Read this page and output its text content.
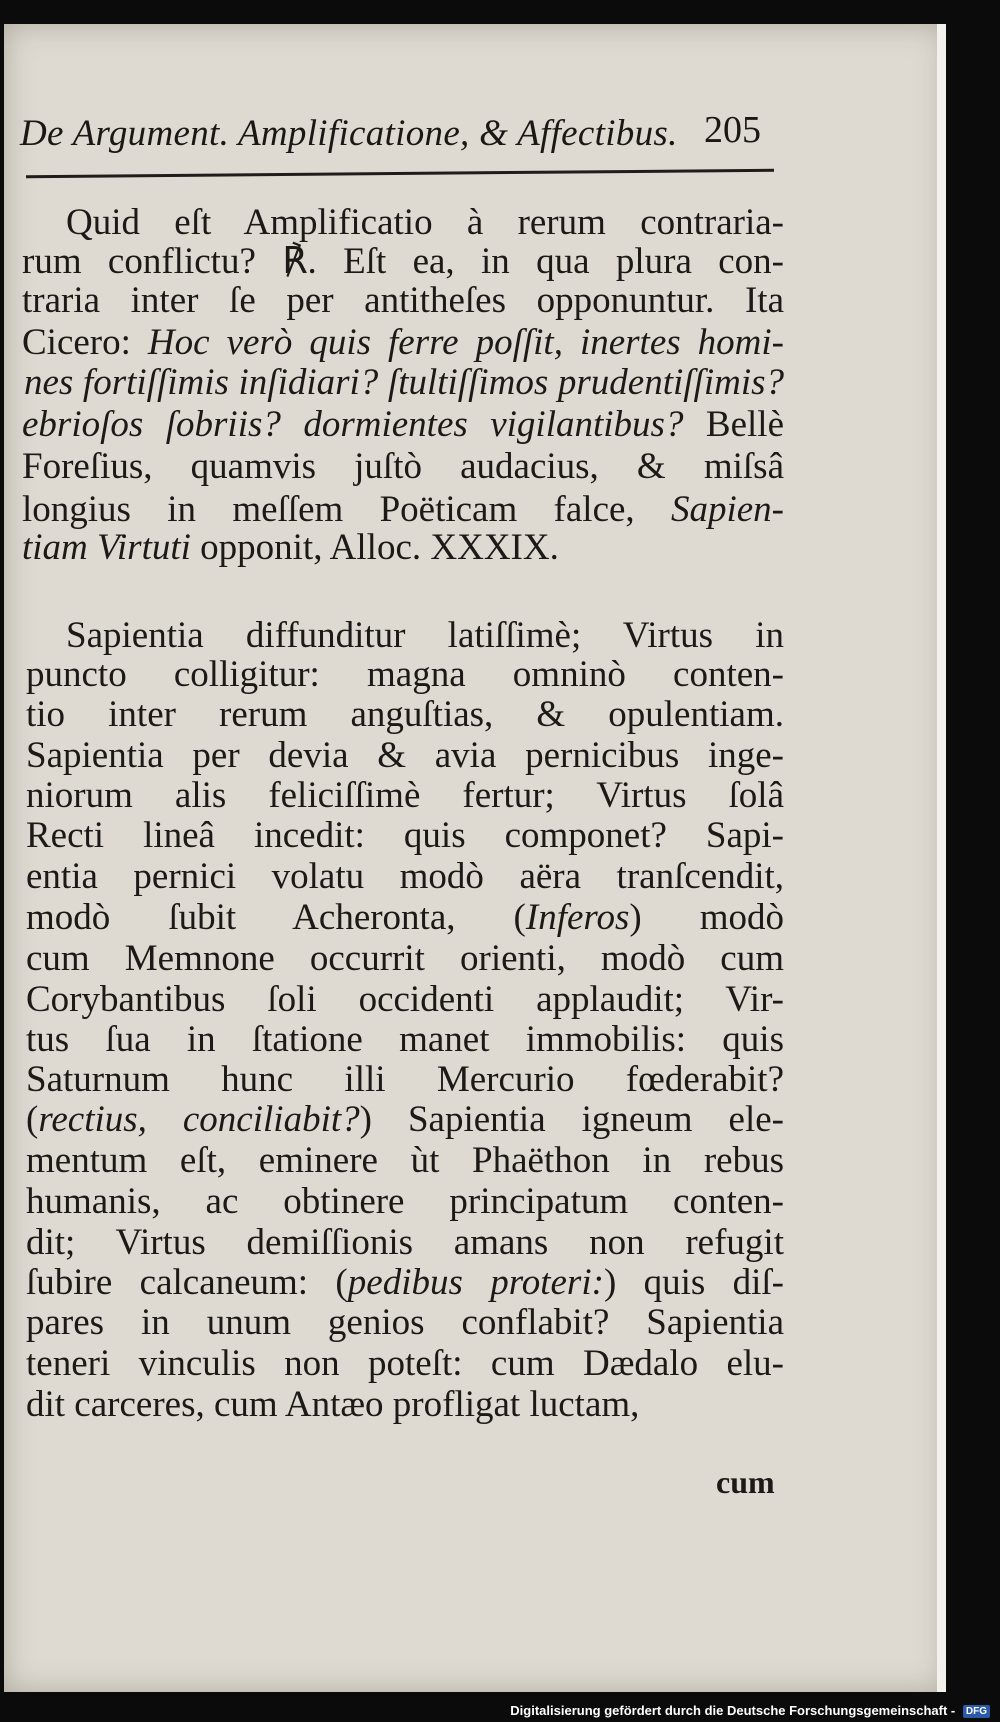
De Argument. Amplificatione, & Affectibus. 205
Quid eſt Amplificatio à rerum contraria-
rum conflictu? ℟. Eſt ea, in qua plura con-
traria inter ſe per antitheſes opponuntur. Ita
Cicero: Hoc verò quis ferre poſſit, inertes homi-
nes fortiſſimis inſidiari? ſtultiſſimos prudentiſſimis?
ebrioſos ſobriis? dormientes vigilantibus? Bellè
Foreſius, quamvis juſtò audacius, & miſsâ
longius in meſſem Poëticam falce, Sapien-
tiam Virtuti opponit, Alloc. XXXIX.
Sapientia diffunditur latiſſimè; Virtus in
puncto colligitur: magna omninò conten-
tio inter rerum anguſtias, & opulentiam.
Sapientia per devia & avia pernicibus inge-
niorum alis feliciſſimè fertur; Virtus ſolâ
Recti lineâ incedit: quis componet? Sapi-
entia pernici volatu modò aëra tranſcendit,
modò ſubit Acheronta, (Inferos) modò
cum Memnone occurrit orienti, modò cum
Corybantibus ſoli occidenti applaudit; Vir-
tus ſua in ſtatione manet immobilis: quis
Saturnum hunc illi Mercurio fœderabit?
(rectius, conciliabit?) Sapientia igneum ele-
mentum eſt, eminere ùt Phaëthon in rebus
humanis, ac obtinere principatum conten-
dit; Virtus demiſſionis amans non refugit
ſubire calcaneum: (pedibus proteri:) quis diſ-
pares in unum genios conflabit? Sapientia
teneri vinculis non poteſt: cum Dædalo elu-
dit carceres, cum Antæo profligat luctam,
cum
Digitalisierung gefördert durch die Deutsche Forschungsgemeinschaft - DFG
